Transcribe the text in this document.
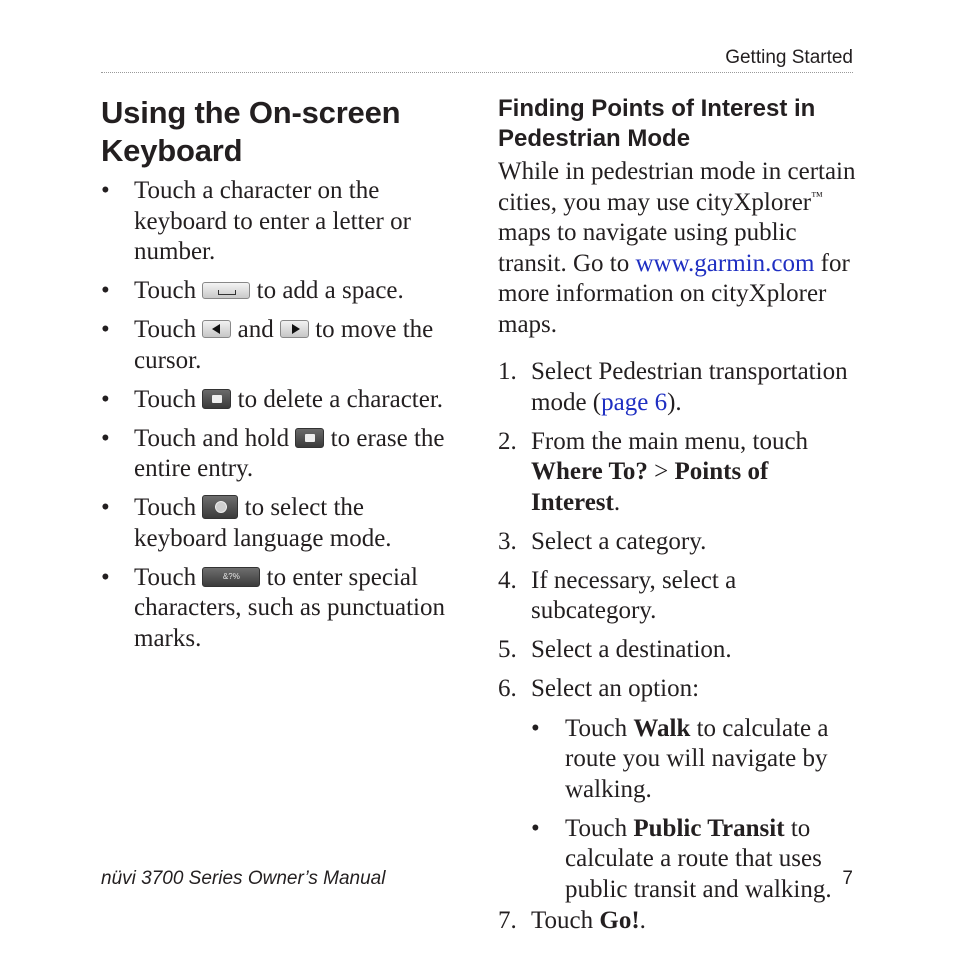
Getting Started
Using the On-screen Keyboard
• Touch a character on the keyboard to enter a letter or number.
• Touch to add a space.
• Touch and to move the cursor.
• Touch to delete a character.
• Touch and hold to erase the entire entry.
• Touch to select the keyboard language mode.
• Touch	&?% to enter special characters, such as punctuation marks.
Finding Points of Interest in Pedestrian Mode

While in pedestrian mode in certain cities, you may use cityXplorer™ maps to navigate using public transit. Go to www.garmin.com for more information on cityXplorer maps.

1. Select Pedestrian transportation mode (page 6).
2. From the main menu, touch Where To? > Points of Interest.
3. Select a category.
4. If necessary, select a subcategory.
5. Select a destination.
6. Select an option:
• Touch Walk to calculate a route you will navigate by walking.
• Touch Public Transit to calculate a route that uses public transit and walking.
7. Touch Go!.
nüvi 3700 Series Owner’s Manual	7
